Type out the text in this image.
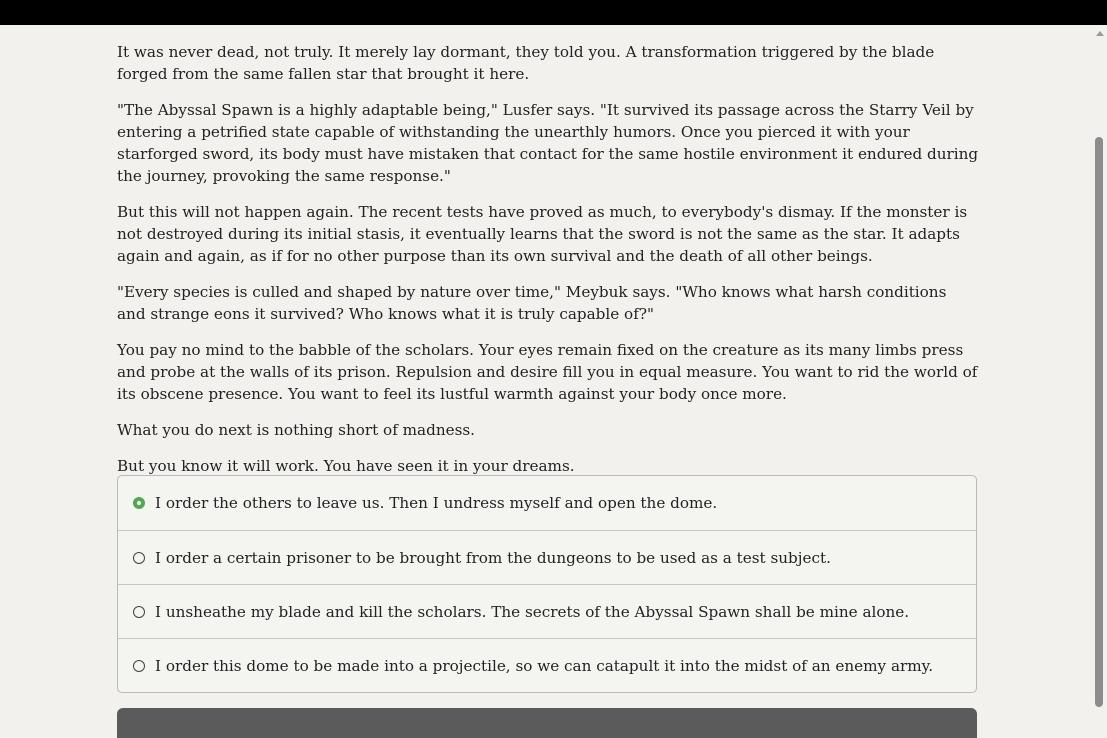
It was never dead, not truly. It merely lay dormant, they told you. A transformation triggered by the blade forged from the same fallen star that brought it here.

"The Abyssal Spawn is a highly adaptable being," Lusfer says. "It survived its passage across the Starry Veil by entering a petrified state capable of withstanding the unearthly humors. Once you pierced it with your starforged sword, its body must have mistaken that contact for the same hostile environment it endured during the journey, provoking the same response."

But this will not happen again. The recent tests have proved as much, to everybody's dismay. If the monster is not destroyed during its initial stasis, it eventually learns that the sword is not the same as the star. It adapts again and again, as if for no other purpose than its own survival and the death of all other beings.

"Every species is culled and shaped by nature over time," Meybuk says. "Who knows what harsh conditions and strange eons it survived? Who knows what it is truly capable of?"

You pay no mind to the babble of the scholars. Your eyes remain fixed on the creature as its many limbs press and probe at the walls of its prison. Repulsion and desire fill you in equal measure. You want to rid the world of its obscene presence. You want to feel its lustful warmth against your body once more.

What you do next is nothing short of madness.

But you know it will work. You have seen it in your dreams.

I order the others to leave us. Then I undress myself and open the dome.
I order a certain prisoner to be brought from the dungeons to be used as a test subject.
I unsheathe my blade and kill the scholars. The secrets of the Abyssal Spawn shall be mine alone.
I order this dome to be made into a projectile, so we can catapult it into the midst of an enemy army.
